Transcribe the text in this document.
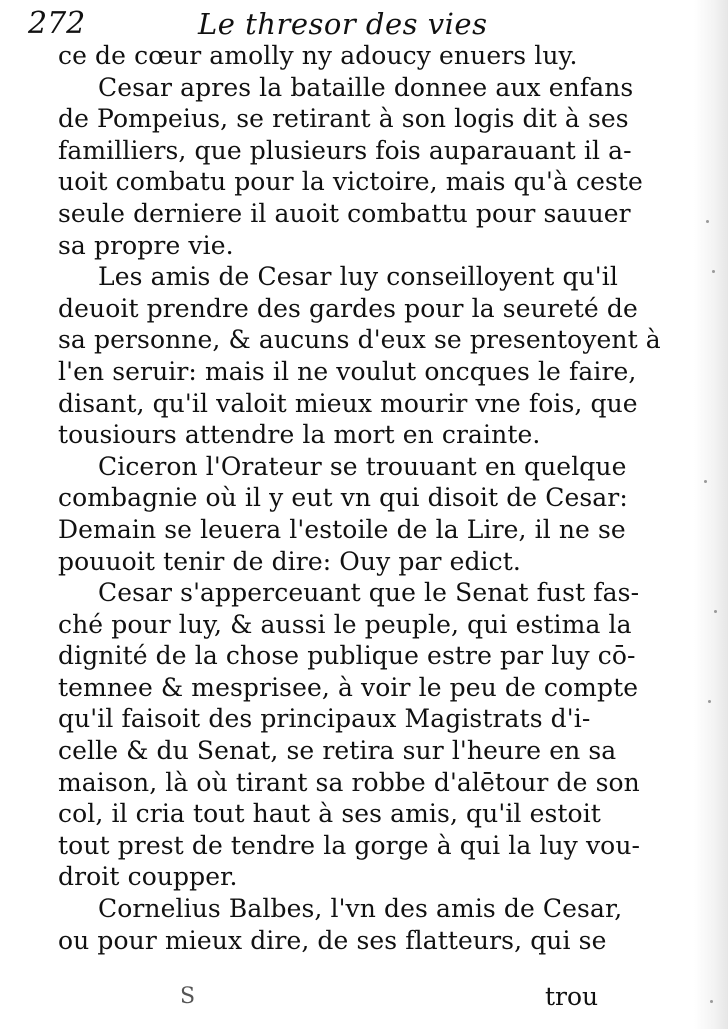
272	Le thresor des vies
ce de cœur amolly ny adoucy enuers luy.
Cesar apres la bataille donnee aux enfans
de Pompeius, se retirant à son logis dit à ses
familliers, que plusieurs fois auparauant il a-
uoit combatu pour la victoire, mais qu'à ceste
seule derniere il auoit combattu pour sauuer
sa propre vie.
Les amis de Cesar luy conseilloyent qu'il
deuoit prendre des gardes pour la seureté de
sa personne, & aucuns d'eux se presentoyent à
l'en seruir: mais il ne voulut oncques le faire,
disant, qu'il valoit mieux mourir vne fois, que
tousiours attendre la mort en crainte.
Ciceron l'Orateur se trouuant en quelque
combagnie où il y eut vn qui disoit de Cesar:
Demain se leuera l'estoile de la Lire, il ne se
pouuoit tenir de dire: Ouy par edict.
Cesar s'apperceuant que le Senat fust fas-
ché pour luy, & aussi le peuple, qui estima la
dignité de la chose publique estre par luy cō-
temnee & mesprisee, à voir le peu de compte
qu'il faisoit des principaux Magistrats d'i-
celle & du Senat, se retira sur l'heure en sa
maison, là où tirant sa robbe d'alētour de son
col, il cria tout haut à ses amis, qu'il estoit
tout prest de tendre la gorge à qui la luy vou-
droit coupper.
Cornelius Balbes, l'vn des amis de Cesar,
ou pour mieux dire, de ses flatteurs, qui se
S	trou
